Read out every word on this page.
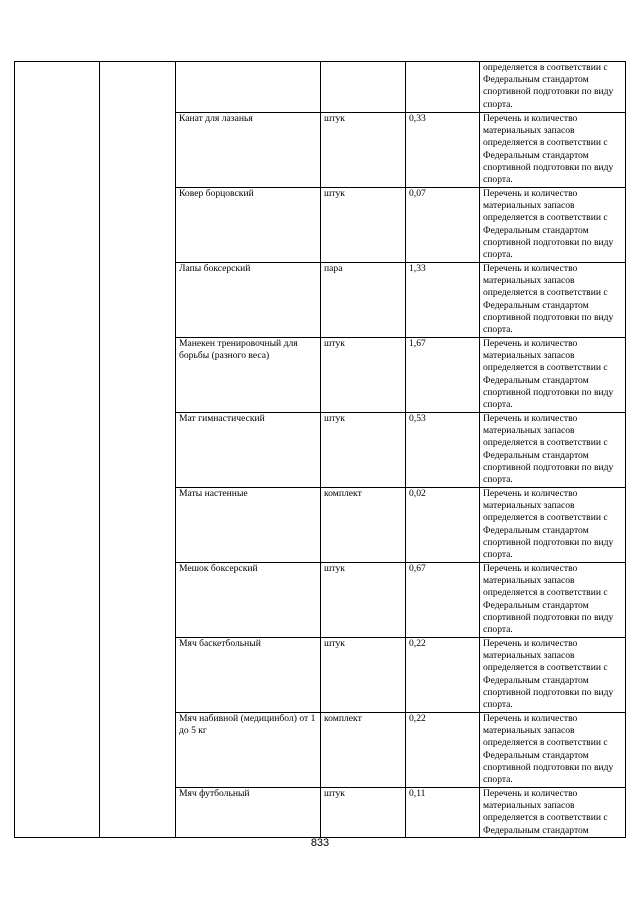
					определяется в соответствии с Федеральным стандартом спортивной подготовки по виду спорта.
		Канат для лазанья	штук	0,33	Перечень и количество материальных запасов определяется в соответствии с Федеральным стандартом спортивной подготовки по виду спорта.
		Ковер борцовский	штук	0,07	Перечень и количество материальных запасов определяется в соответствии с Федеральным стандартом спортивной подготовки по виду спорта.
		Лапы боксерский	пара	1,33	Перечень и количество материальных запасов определяется в соответствии с Федеральным стандартом спортивной подготовки по виду спорта.
		Манекен тренировочный для борьбы (разного веса)	штук	1,67	Перечень и количество материальных запасов определяется в соответствии с Федеральным стандартом спортивной подготовки по виду спорта.
		Мат гимнастический	штук	0,53	Перечень и количество материальных запасов определяется в соответствии с Федеральным стандартом спортивной подготовки по виду спорта.
		Маты настенные	комплект	0,02	Перечень и количество материальных запасов определяется в соответствии с Федеральным стандартом спортивной подготовки по виду спорта.
		Мешок боксерский	штук	0,67	Перечень и количество материальных запасов определяется в соответствии с Федеральным стандартом спортивной подготовки по виду спорта.
		Мяч баскетбольный	штук	0,22	Перечень и количество материальных запасов определяется в соответствии с Федеральным стандартом спортивной подготовки по виду спорта.
		Мяч набивной (медицинбол) от 1 до 5 кг	комплект	0,22	Перечень и количество материальных запасов определяется в соответствии с Федеральным стандартом спортивной подготовки по виду спорта.
		Мяч футбольный	штук	0,11	Перечень и количество материальных запасов определяется в соответствии с Федеральным стандартом
833
